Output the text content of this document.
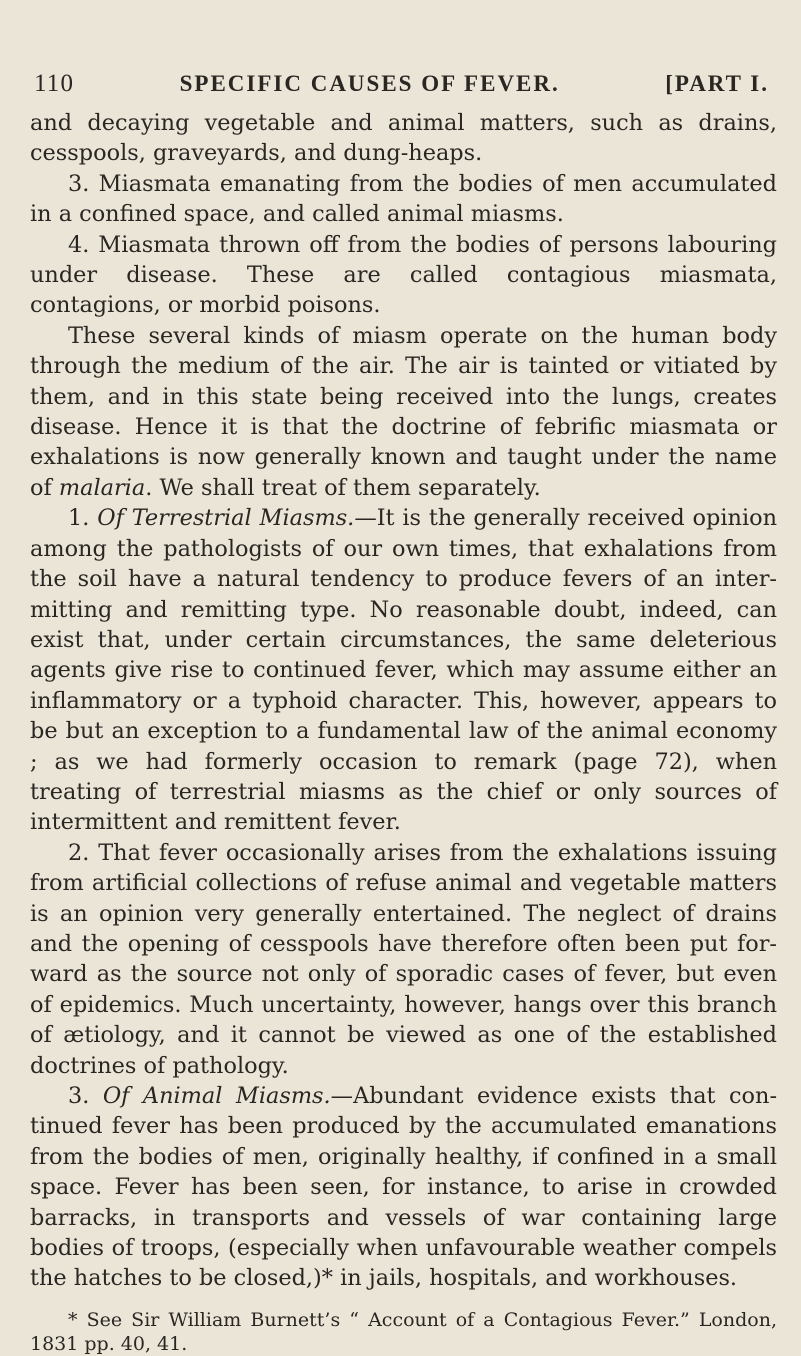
110	SPECIFIC CAUSES OF FEVER.	[PART I.

and decaying vegetable and animal matters, such as drains, cesspools, graveyards, and dung-heaps.

3. Miasmata emanating from the bodies of men accumulated in a confined space, and called animal miasms.

4. Miasmata thrown off from the bodies of persons labouring under disease. These are called contagious miasmata, contagions, or morbid poisons.

These several kinds of miasm operate on the human body through the medium of the air. The air is tainted or vitiated by them, and in this state being received into the lungs, creates disease. Hence it is that the doctrine of febrific miasmata or exhalations is now generally known and taught under the name of malaria. We shall treat of them separately.

1. Of Terrestrial Miasms.—It is the generally received opinion among the pathologists of our own times, that exhalations from the soil have a natural tendency to produce fevers of an inter-mitting and remitting type. No reasonable doubt, indeed, can exist that, under certain circumstances, the same deleterious agents give rise to continued fever, which may assume either an inflammatory or a typhoid character. This, however, appears to be but an exception to a fundamental law of the animal economy ; as we had formerly occasion to remark (page 72), when treating of terrestrial miasms as the chief or only sources of intermittent and remittent fever.

2. That fever occasionally arises from the exhalations issuing from artificial collections of refuse animal and vegetable matters is an opinion very generally entertained. The neglect of drains and the opening of cesspools have therefore often been put for-ward as the source not only of sporadic cases of fever, but even of epidemics. Much uncertainty, however, hangs over this branch of ætiology, and it cannot be viewed as one of the established doctrines of pathology.

3. Of Animal Miasms.—Abundant evidence exists that con-tinued fever has been produced by the accumulated emanations from the bodies of men, originally healthy, if confined in a small space. Fever has been seen, for instance, to arise in crowded barracks, in transports and vessels of war containing large bodies of troops, (especially when unfavourable weather compels the hatches to be closed,)* in jails, hospitals, and workhouses.

* See Sir William Burnett’s “ Account of a Contagious Fever.” London, 1831 pp. 40, 41.
